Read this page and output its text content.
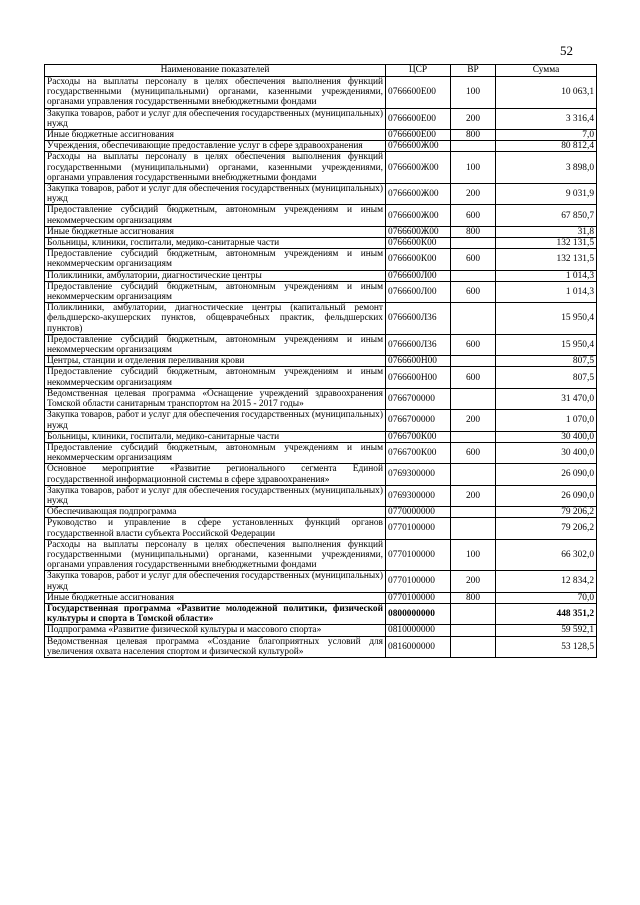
52
Наименование показателей	ЦСР	ВР	Сумма
Расходы на выплаты персоналу в целях обеспечения выполнения функций государственными (муниципальными) органами, казенными учреждениями, органами управления государственными внебюджетными фондами	0766600Е00	100	10 063,1
Закупка товаров, работ и услуг для обеспечения государственных (муниципальных) нужд	0766600Е00	200	3 316,4
Иные бюджетные ассигнования	0766600Е00	800	7,0
Учреждения, обеспечивающие предоставление услуг в сфере здравоохранения	0766600Ж00		80 812,4
Расходы на выплаты персоналу в целях обеспечения выполнения функций государственными (муниципальными) органами, казенными учреждениями, органами управления государственными внебюджетными фондами	0766600Ж00	100	3 898,0
Закупка товаров, работ и услуг для обеспечения государственных (муниципальных) нужд	0766600Ж00	200	9 031,9
Предоставление субсидий бюджетным, автономным учреждениям и иным некоммерческим организациям	0766600Ж00	600	67 850,7
Иные бюджетные ассигнования	0766600Ж00	800	31,8
Больницы, клиники, госпитали, медико-санитарные части	0766600К00		132 131,5
Предоставление субсидий бюджетным, автономным учреждениям и иным некоммерческим организациям	0766600К00	600	132 131,5
Поликлиники, амбулатории, диагностические центры	0766600Л00		1 014,3
Предоставление субсидий бюджетным, автономным учреждениям и иным некоммерческим организациям	0766600Л00	600	1 014,3
Поликлиники, амбулатории, диагностические центры (капитальный ремонт фельдшерско-акушерских пунктов, общеврачебных практик, фельдшерских пунктов)	0766600Л36		15 950,4
Предоставление субсидий бюджетным, автономным учреждениям и иным некоммерческим организациям	0766600Л36	600	15 950,4
Центры, станции и отделения переливания крови	0766600Н00		807,5
Предоставление субсидий бюджетным, автономным учреждениям и иным некоммерческим организациям	0766600Н00	600	807,5
Ведомственная целевая программа «Оснащение учреждений здравоохранения Томской области санитарным транспортом на 2015 - 2017 годы»	0766700000		31 470,0
Закупка товаров, работ и услуг для обеспечения государственных (муниципальных) нужд	0766700000	200	1 070,0
Больницы, клиники, госпитали, медико-санитарные части	0766700К00		30 400,0
Предоставление субсидий бюджетным, автономным учреждениям и иным некоммерческим организациям	0766700К00	600	30 400,0
Основное мероприятие «Развитие регионального сегмента Единой государственной информационной системы в сфере здравоохранения»	0769300000		26 090,0
Закупка товаров, работ и услуг для обеспечения государственных (муниципальных) нужд	0769300000	200	26 090,0
Обеспечивающая подпрограмма	0770000000		79 206,2
Руководство и управление в сфере установленных функций органов государственной власти субъекта Российской Федерации	0770100000		79 206,2
Расходы на выплаты персоналу в целях обеспечения выполнения функций государственными (муниципальными) органами, казенными учреждениями, органами управления государственными внебюджетными фондами	0770100000	100	66 302,0
Закупка товаров, работ и услуг для обеспечения государственных (муниципальных) нужд	0770100000	200	12 834,2
Иные бюджетные ассигнования	0770100000	800	70,0
Государственная программа «Развитие молодежной политики, физической культуры и спорта в Томской области»	0800000000		448 351,2
Подпрограмма «Развитие физической культуры и массового спорта»	0810000000		59 592,1
Ведомственная целевая программа «Создание благоприятных условий для увеличения охвата населения спортом и физической культурой»	0816000000		53 128,5
